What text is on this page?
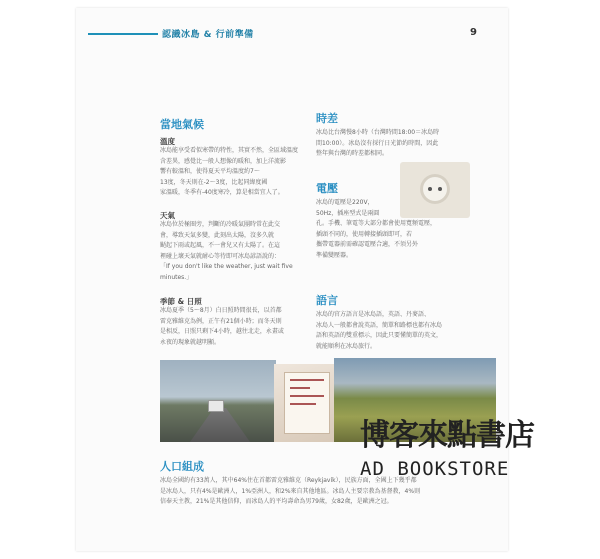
認識冰島 & 行前準備	9
當地氣候
溫度
冰島能享受看似寒帶的特性，其實不然，全區域溫度
含差異，感覺比一般人想像的暖和，加上洋流影
響有較溫和，使得夏天平均溫度約7～
13度，冬天則在-2～3度，比起同緯度國
家溫暖，冬季有-40度寒冷，算是相當宜人了。
天氣
冰島位於極圈旁，判斷的冷暖氣團時常在此交
會，導致天氣多變，此刻出太陽，沒多久就
颳起下雨或起風，不一會兒又有太陽了。在這
裡碰上壞天氣就耐心等待即可冰島諺語說的：
「If you don't like the weather, just wait five
minutes.」
季節 & 日照
冰島夏季（5～8月）白日照時間很長，以首都
雷克雅維克為例，正午有21個小時；而冬天則
是相反，日照只剩下4小時，越往北走，永畫或
永夜的現象就越明顯。
時差
冰島比台灣慢8小時（台灣時間18:00＝冰島時
間10:00）。冰島沒有採行日光節約時間，因此
整年與台灣的時差都相同。
電壓
冰島的電壓是220V，
50Hz，插座型式是兩圓
孔。手機、筆電等大部分都會使用寬頻電壓，
插頭不同的，使用轉接插頭即可，若
攜帶電器前需確認電壓合適，不須另外
準備變壓器。
語言
冰島的官方語言是冰島語，英語、丹麥語、
冰島人一般都會說英語，簡單和路標也都有冰島
語和英語的雙重標示，因此只要懂簡單的英文，
就能順利在冰島旅行。
人口組成
冰島全國約有33萬人，其中64%住在首都雷克雅維克（Reykjavík），民族方面，全國上下幾乎都
是冰島人，只有4%是歐洲人，1%亞洲人，和2%來自其他地區。冰島人主要宗教為基督教，4%則
信奉天主教，21%是其他信仰，而冰島人的平均壽命為男79歲，女82歲，是歐洲之冠。
博客來點書店
AD BOOKSTORE
